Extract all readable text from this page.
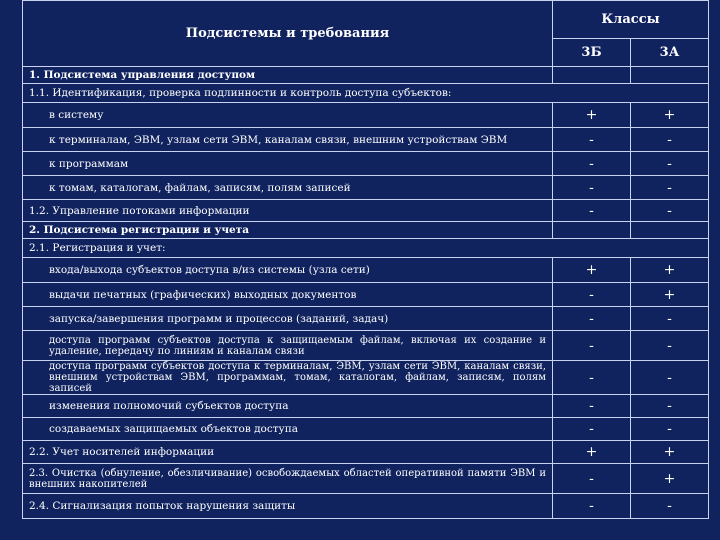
Подсистемы и требования	Классы	
	3Б	3А
1. Подсистема управления доступом		
1.1. Идентификация, проверка подлинности и контроль доступа субъектов:		
в систему	+	+
к терминалам, ЭВМ, узлам сети ЭВМ, каналам связи, внешним устройствам ЭВМ	-	-
к программам	-	-
к томам, каталогам, файлам, записям, полям записей	-	-
1.2. Управление потоками информации	-	-
2. Подсистема регистрации и учета		
2.1. Регистрация и учет:		
входа/выхода субъектов доступа в/из системы (узла сети)	+	+
выдачи печатных (графических) выходных документов	-	+
запуска/завершения программ и процессов (заданий, задач)	-	-
доступа программ субъектов доступа к защищаемым файлам, включая их создание и удаление, передачу по линиям и каналам связи	-	-
доступа программ субъектов доступа к терминалам, ЭВМ, узлам сети ЭВМ, каналам связи, внешним устройствам ЭВМ, программам, томам, каталогам, файлам, записям, полям записей	-	-
изменения полномочий субъектов доступа	-	-
создаваемых защищаемых объектов доступа	-	-
2.2. Учет носителей информации	+	+
2.3. Очистка (обнуление, обезличивание) освобождаемых областей оперативной памяти ЭВМ и внешних накопителей	-	+
2.4. Сигнализация попыток нарушения защиты	-	-
